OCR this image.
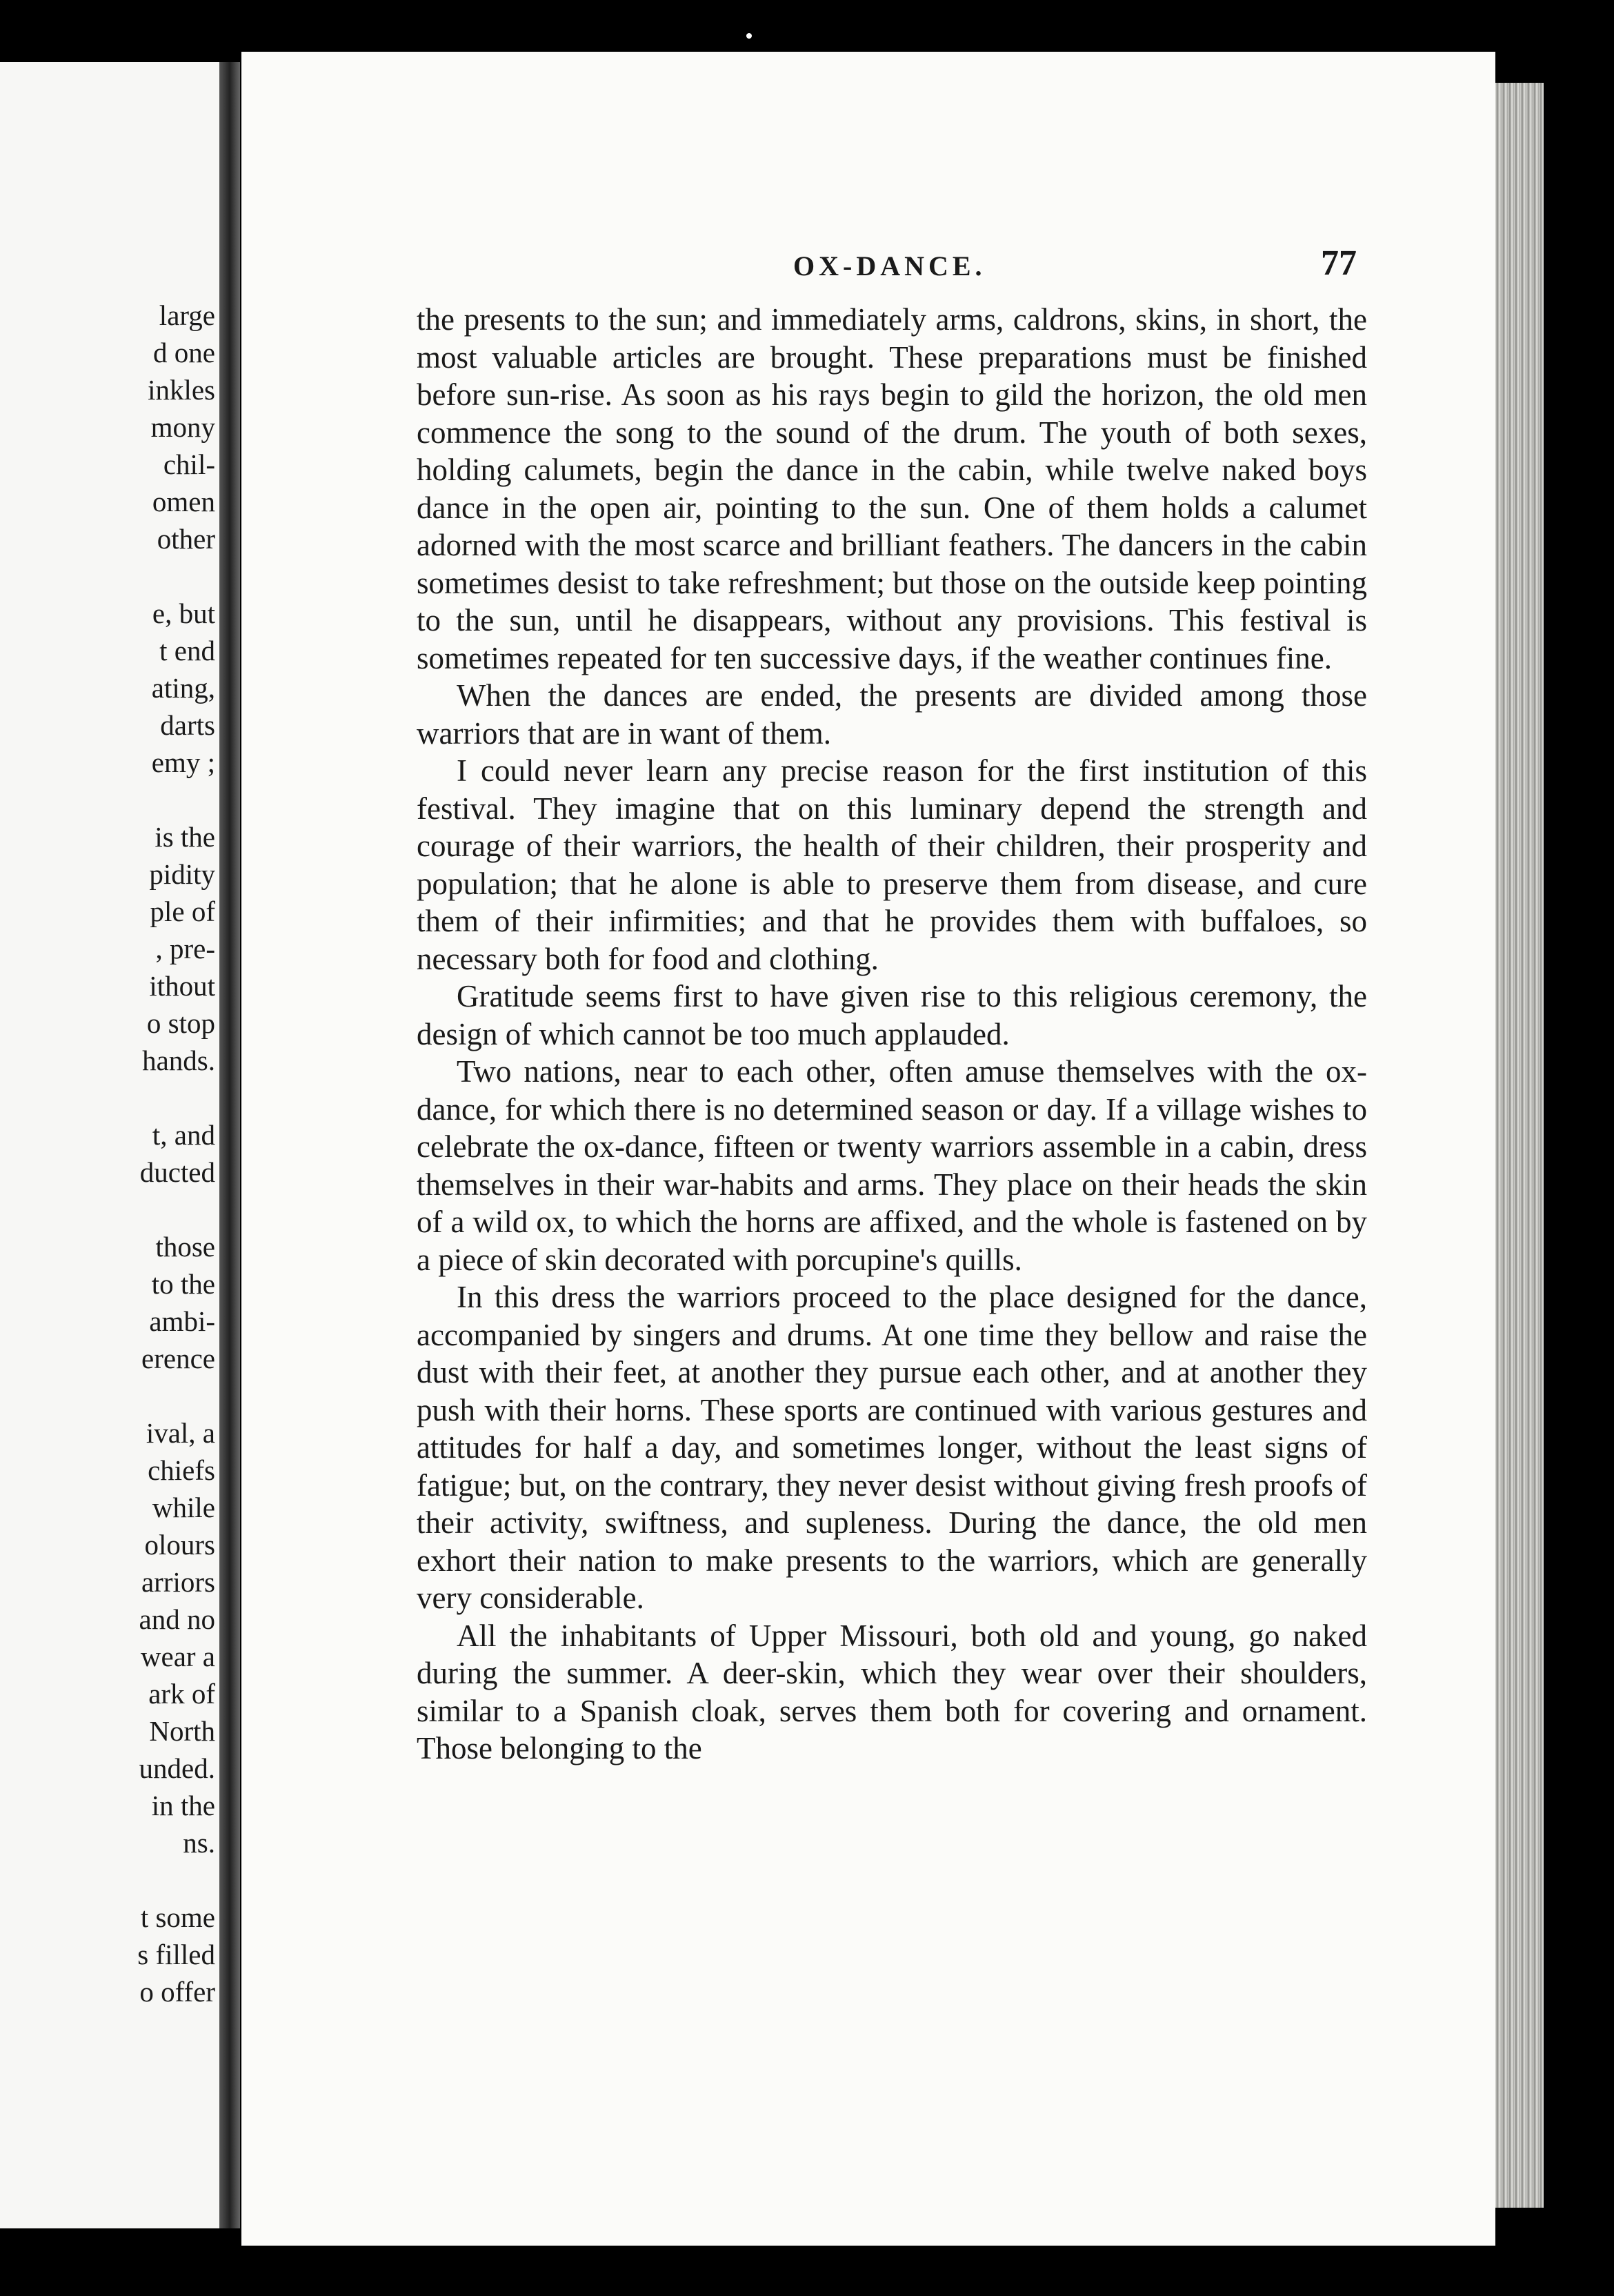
large
d one
inkles
mony
chil-
omen
other
e, but
t end
ating,
darts
emy ;
is the
pidity
ple of
, pre-
ithout
o stop
hands.
t, and
ducted
those
to the
ambi-
erence
ival, a
chiefs
while
olours
arriors
and no
wear a
ark of
North
unded.
in the
ns.
t some
s filled
o offer
OX-DANCE.	77

the presents to the sun; and immediately arms, caldrons, skins, in short, the most valuable articles are brought. These preparations must be finished before sun-rise. As soon as his rays begin to gild the horizon, the old men commence the song to the sound of the drum. The youth of both sexes, holding calumets, begin the dance in the cabin, while twelve naked boys dance in the open air, pointing to the sun. One of them holds a calumet adorned with the most scarce and brilliant feathers. The dancers in the cabin sometimes desist to take refreshment; but those on the outside keep pointing to the sun, until he disappears, without any provisions. This festival is sometimes repeated for ten successive days, if the weather continues fine.

When the dances are ended, the presents are divided among those warriors that are in want of them.

I could never learn any precise reason for the first institution of this festival. They imagine that on this luminary depend the strength and courage of their warriors, the health of their children, their prosperity and population; that he alone is able to preserve them from disease, and cure them of their infirmities; and that he provides them with buffaloes, so necessary both for food and clothing.

Gratitude seems first to have given rise to this religious ceremony, the design of which cannot be too much applauded.

Two nations, near to each other, often amuse themselves with the ox-dance, for which there is no determined season or day. If a village wishes to celebrate the ox-dance, fifteen or twenty warriors assemble in a cabin, dress themselves in their war-habits and arms. They place on their heads the skin of a wild ox, to which the horns are affixed, and the whole is fastened on by a piece of skin decorated with porcupine's quills.

In this dress the warriors proceed to the place designed for the dance, accompanied by singers and drums. At one time they bellow and raise the dust with their feet, at another they pursue each other, and at another they push with their horns. These sports are continued with various gestures and attitudes for half a day, and sometimes longer, without the least signs of fatigue; but, on the contrary, they never desist without giving fresh proofs of their activity, swiftness, and supleness. During the dance, the old men exhort their nation to make presents to the warriors, which are generally very considerable.

All the inhabitants of Upper Missouri, both old and young, go naked during the summer. A deer-skin, which they wear over their shoulders, similar to a Spanish cloak, serves them both for covering and ornament. Those belonging to the
